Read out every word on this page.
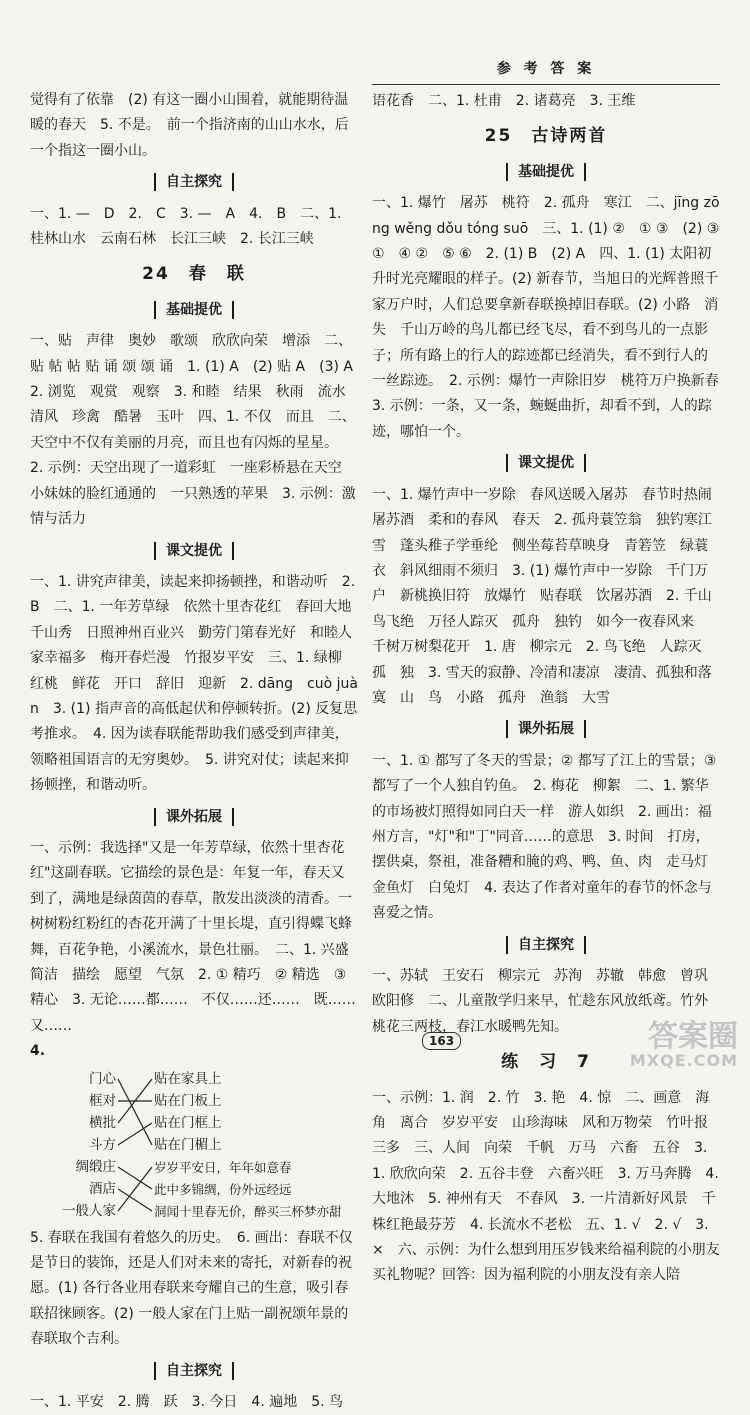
觉得有了依靠　(2) 有这一圈小山围着，就能期待温暖的春天　5. 不是。　前一个指济南的山山水水，后一个指这一圈小山。

自主探究

一、1. —　D　2.　C　3. —　A　4.　B　二、1. 桂林山水　云南石林　长江三峡　2. 长江三峡

24　春　联
基础提优

一、贴　声律　奥妙　歌颂　欣欣向荣　增添　二、贴 帖 帖 贴 诵 颂 颂 诵　1. (1) A　(2) 贴 A　(3) A　2. 浏览　观赏　观察　3. 和睦　结果　秋雨　流水　清风　珍禽　酷暑　玉叶　四、1. 不仅　而且　二、天空中不仅有美丽的月亮，而且也有闪烁的星星。　2. 示例：天空出现了一道彩虹　一座彩桥悬在天空　小妹妹的脸红通通的　一只熟透的苹果　3. 示例：激情与活力

课文提优

一、1. 讲究声律美，读起来抑扬顿挫，和谐动听　2. B　二、1. 一年芳草绿　依然十里杏花红　春回大地千山秀　日照神州百业兴　勤劳门第春光好　和睦人家幸福多　梅开春烂漫　竹报岁平安　三、1. 绿柳　红桃　鲜花　开口　辞旧　迎新　2. dāng　cuò juàn　3. (1) 指声音的高低起伏和停顿转折。(2) 反复思考推求。　4. 因为读春联能帮助我们感受到声律美，领略祖国语言的无穷奥妙。　5. 讲究对仗；读起来抑扬顿挫，和谐动听。

课外拓展

一、示例：我选择"又是一年芳草绿，依然十里杏花红"这副春联。它描绘的景色是：年复一年，春天又到了，满地是绿茵茵的春草，散发出淡淡的清香。一树树粉红粉红的杏花开满了十里长堤，直引得蝶飞蜂舞，百花争艳，小溪流水，景色壮丽。　二、1. 兴盛　简洁　描绘　愿望　气氛　2. ① 精巧　② 精选　③ 精心　3. 无论……都……　不仅……还……　既……又……

4.

门心
框对
横批
斗方
绸缎庄
酒店
一般人家
贴在家具上
贴在门板上
贴在门框上
贴在门楣上
岁岁平安日，年年如意春
此中多锦绸，份外远经远
洞闻十里春无价，醉买三杯梦亦甜

5. 春联在我国有着悠久的历史。　6. 画出：春联不仅是节日的装饰，还是人们对未来的寄托，对新春的祝愿。(1) 各行各业用春联来夸耀自己的生意，吸引春联招徕顾客。(2) 一般人家在门上贴一副祝颂年景的春联取个吉利。

自主探究

一、1. 平安　2. 腾　跃　3. 今日　4. 遍地　5. 鸟

参 考 答 案

语花香　二、1. 杜甫　2. 诸葛亮　3. 王维

25　古诗两首
基础提优

一、1. 爆竹　屠苏　桃符　2. 孤舟　寒江　二、jīng zōng wěng dǒu tóng suō　三、1. (1) ②　① ③　(2) ③ ①　④ ②　⑤ ⑥　2. (1) B　(2) A　四、1. (1) 太阳初升时光亮耀眼的样子。(2) 新春节，当旭日的光辉普照千家万户时，人们总要拿新春联换掉旧春联。(2) 小路　消失　千山万岭的鸟儿都已经飞尽，看不到鸟儿的一点影子；所有路上的行人的踪迹都已经消失，看不到行人的一丝踪迹。　2. 示例：爆竹一声除旧岁　桃符万户换新春　3. 示例：一条，又一条，蜿蜒曲折，却看不到，人的踪迹，哪怕一个。

课文提优

一、1. 爆竹声中一岁除　春风送暖入屠苏　春节时热闹　屠苏酒　柔和的春风　春天　2. 孤舟蓑笠翁　独钓寒江雪　蓬头稚子学垂纶　侧坐莓苔草映身　青箬笠　绿蓑衣　斜风细雨不须归　3. (1) 爆竹声中一岁除　千门万户　新桃换旧符　放爆竹　贴春联　饮屠苏酒　2. 千山鸟飞绝　万径人踪灭　孤舟　独钓　如今一夜春风来　千树万树梨花开　1. 唐　柳宗元　2. 鸟飞绝　人踪灭　孤　独　3. 雪天的寂静、冷清和凄凉　凄清、孤独和落寞　山　鸟　小路　孤舟　渔翁　大雪

课外拓展

一、1. ① 都写了冬天的雪景；② 都写了江上的雪景；③ 都写了一个人独自钓鱼。　2. 梅花　柳絮　二、1. 繁华的市场被灯照得如同白天一样　游人如织　2. 画出：福州方言，"灯"和"丁"同音……的意思　3. 时间　打房，摆供桌，祭祖，准备糟和腌的鸡、鸭、鱼、肉　走马灯　金鱼灯　白兔灯　4. 表达了作者对童年的春节的怀念与喜爱之情。

自主探究

一、苏轼　王安石　柳宗元　苏洵　苏辙　韩愈　曾巩　欧阳修　二、儿童散学归来早，忙趁东风放纸鸢。竹外桃花三两枝，春江水暖鸭先知。

练　习　7

一、示例：1. 润　2. 竹　3. 艳　4. 惊　二、画意　海角　离合　岁岁平安　山珍海味　风和万物荣　竹叶报三多　三、人间　向荣　千帆　万马　六畜　五谷　3. 1. 欣欣向荣　2. 五谷丰登　六畜兴旺　3. 万马奔腾　4. 大地沐　5. 神州有天　不春风　3. 一片清新好风景　千株红艳最芬芳　4. 长流水不老松　五、1. √　2. √　3. ×　六、示例：为什么想到用压岁钱来给福利院的小朋友买礼物呢？回答：因为福利院的小朋友没有亲人陪

163	答案圈
MXQE.COM
